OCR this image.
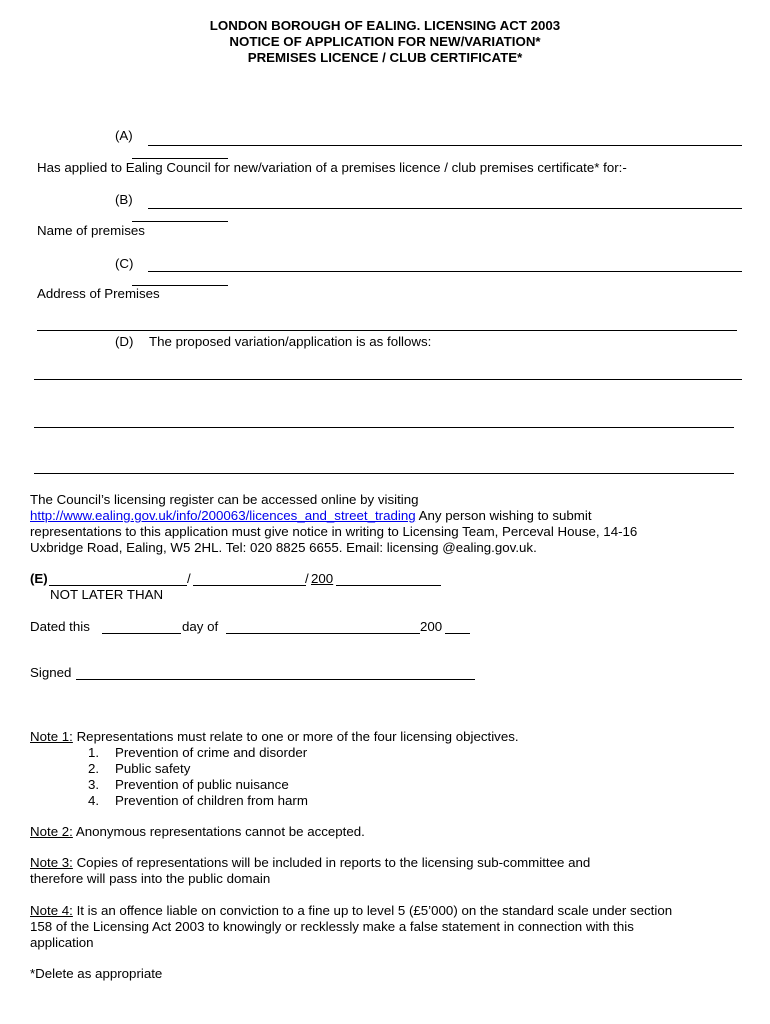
LONDON BOROUGH OF EALING. LICENSING ACT 2003
NOTICE OF APPLICATION FOR NEW/VARIATION*
PREMISES LICENCE / CLUB CERTIFICATE*
(A)
Has applied to Ealing Council for new/variation of a premises licence / club premises certificate* for:-
(B)
Name of premises
(C)
Address of Premises
(D) The proposed variation/application is as follows:
The Council’s licensing register can be accessed online by visiting
http://www.ealing.gov.uk/info/200063/licences_and_street_trading Any person wishing to submit
representations to this application must give notice in writing to Licensing Team, Perceval House, 14-16
Uxbridge Road, Ealing, W5 2HL. Tel: 020 8825 6655. Email: licensing @ealing.gov.uk.
(E)	/	/ 200
NOT LATER THAN
Dated this	day of	200
Signed
Note 1: Representations must relate to one or more of the four licensing objectives.
1. Prevention of crime and disorder
2. Public safety
3. Prevention of public nuisance
4. Prevention of children from harm
Note 2: Anonymous representations cannot be accepted.
Note 3: Copies of representations will be included in reports to the licensing sub-committee and
therefore will pass into the public domain
Note 4: It is an offence liable on conviction to a fine up to level 5 (£5’000) on the standard scale under section
158 of the Licensing Act 2003 to knowingly or recklessly make a false statement in connection with this
application
*Delete as appropriate
